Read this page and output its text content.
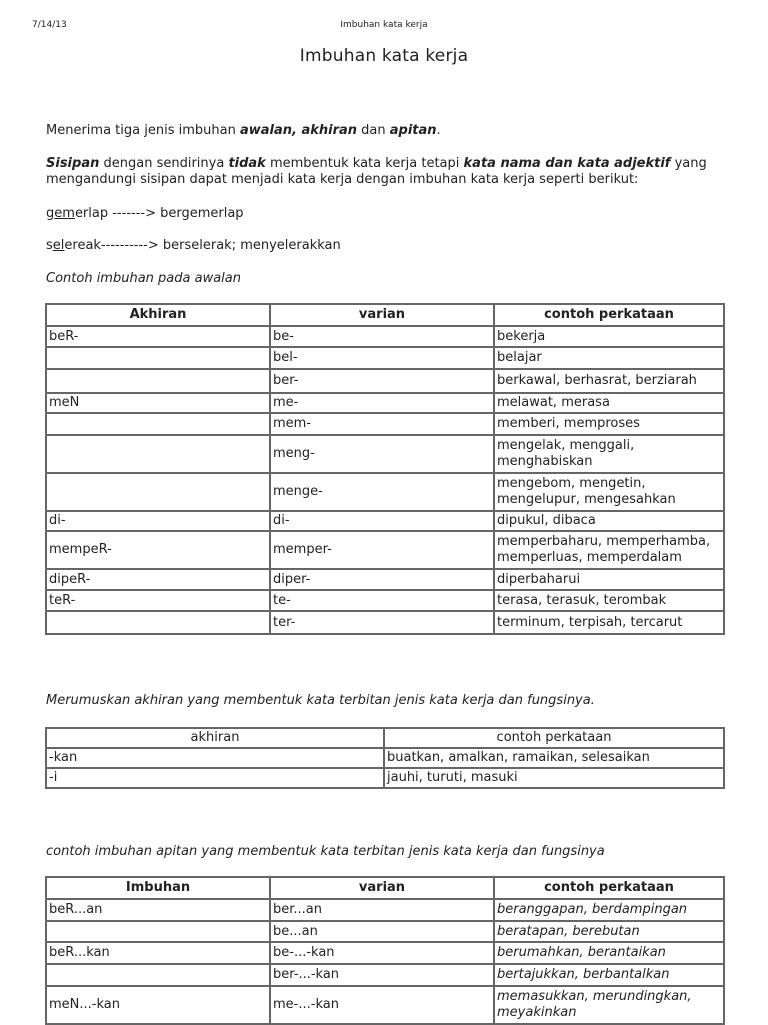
7/14/13	Imbuhan kata kerja
Imbuhan kata kerja
Menerima tiga jenis imbuhan awalan, akhiran dan apitan.
Sisipan dengan sendirinya tidak membentuk kata kerja tetapi kata nama dan kata adjektif yang
mengandungi sisipan dapat menjadi kata kerja dengan imbuhan kata kerja seperti berikut:
gemerlap -------> bergemerlap
selereak----------> berselerak; menyelerakkan
Contoh imbuhan pada awalan
Akhiran	varian	contoh perkataan
beR-	be-	bekerja
	bel-	belajar
	ber-	berkawal, berhasrat, berziarah
meN	me-	melawat, merasa
	mem-	memberi, memproses
	meng-	mengelak, menggali, menghabiskan
	menge-	mengebom, mengetin, mengelupur, mengesahkan
di-	di-	dipukul, dibaca
mempeR-	memper-	memperbaharu, memperhamba, memperluas, memperdalam
dipeR-	diper-	diperbaharui
teR-	te-	terasa, terasuk, terombak
	ter-	terminum, terpisah, tercarut
Merumuskan akhiran yang membentuk kata terbitan jenis kata kerja dan fungsinya.
akhiran	contoh perkataan
-kan	buatkan, amalkan, ramaikan, selesaikan
-i	jauhi, turuti, masuki
contoh imbuhan apitan yang membentuk kata terbitan jenis kata kerja dan fungsinya
Imbuhan	varian	contoh perkataan
beR...an	ber...an	beranggapan, berdampingan
	be...an	beratapan, berebutan
beR...kan	be-...-kan	berumahkan, berantaikan
	ber-...-kan	bertajukkan, berbantalkan
meN...-kan	me-...-kan	memasukkan, merundingkan, meyakinkan
